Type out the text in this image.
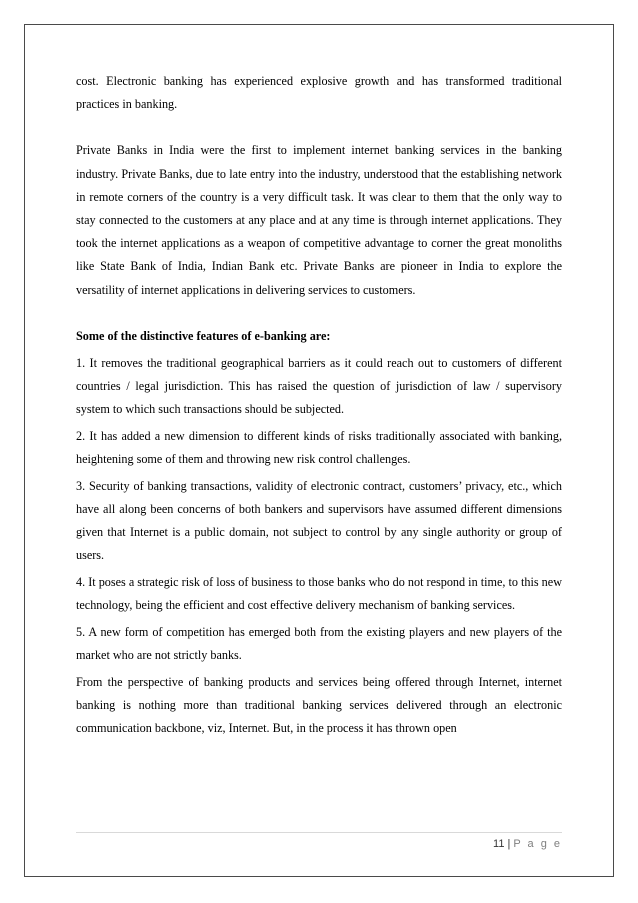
cost. Electronic banking has experienced explosive growth and has transformed traditional practices in banking.

Private Banks in India were the first to implement internet banking services in the banking industry. Private Banks, due to late entry into the industry, understood that the establishing network in remote corners of the country is a very difficult task. It was clear to them that the only way to stay connected to the customers at any place and at any time is through internet applications. They took the internet applications as a weapon of competitive advantage to corner the great monoliths like State Bank of India, Indian Bank etc. Private Banks are pioneer in India to explore the versatility of internet applications in delivering services to customers.

Some of the distinctive features of e-banking are:

1. It removes the traditional geographical barriers as it could reach out to customers of different countries / legal jurisdiction. This has raised the question of jurisdiction of law / supervisory system to which such transactions should be subjected.

2. It has added a new dimension to different kinds of risks traditionally associated with banking, heightening some of them and throwing new risk control challenges.

3. Security of banking transactions, validity of electronic contract, customers’ privacy, etc., which have all along been concerns of both bankers and supervisors have assumed different dimensions given that Internet is a public domain, not subject to control by any single authority or group of users.

4. It poses a strategic risk of loss of business to those banks who do not respond in time, to this new technology, being the efficient and cost effective delivery mechanism of banking services.

5. A new form of competition has emerged both from the existing players and new players of the market who are not strictly banks.

From the perspective of banking products and services being offered through Internet, internet banking is nothing more than traditional banking services delivered through an electronic communication backbone, viz, Internet. But, in the process it has thrown open

11 | P a g e
